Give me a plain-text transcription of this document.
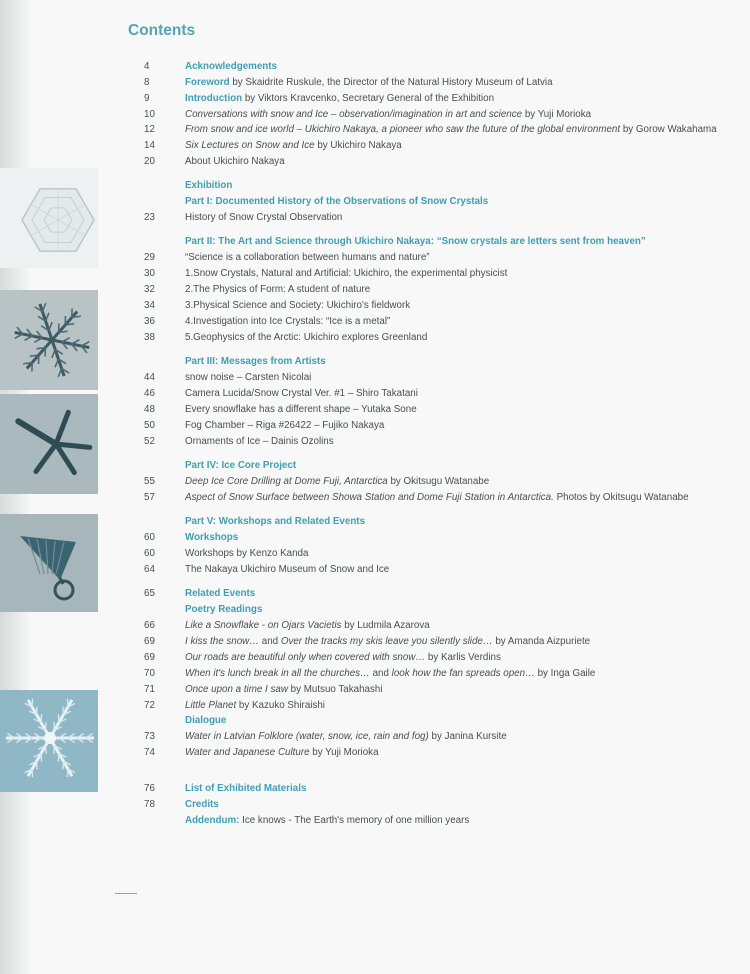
Contents
4	Acknowledgements
8	Foreword by Skaidrite Ruskule, the Director of the Natural History Museum of Latvia
9	Introduction by Viktors Kravcenko, Secretary General of the Exhibition
10	Conversations with snow and Ice – observation/imagination in art and science by Yuji Morioka
12	From snow and ice world – Ukichiro Nakaya, a pioneer who saw the future of the global environment by Gorow Wakahama
14	Six Lectures on Snow and Ice by Ukichiro Nakaya
20	About Ukichiro Nakaya
Exhibition
Part I: Documented History of the Observations of Snow Crystals
23	History of Snow Crystal Observation
Part II: The Art and Science through Ukichiro Nakaya: “Snow crystals are letters sent from heaven”
29	“Science is a collaboration between humans and nature”
30	1.Snow Crystals, Natural and Artificial: Ukichiro, the experimental physicist
32	2.The Physics of Form: A student of nature
34	3.Physical Science and Society: Ukichiro's fieldwork
36	4.Investigation into Ice Crystals: “Ice is a metal”
38	5.Geophysics of the Arctic: Ukichiro explores Greenland
Part III: Messages from Artists
44	snow noise – Carsten Nicolai
46	Camera Lucida/Snow Crystal Ver. #1 – Shiro Takatani
48	Every snowflake has a different shape – Yutaka Sone
50	Fog Chamber – Riga #26422 – Fujiko Nakaya
52	Ornaments of Ice – Dainis Ozolins
Part IV: Ice Core Project
55	Deep Ice Core Drilling at Dome Fuji, Antarctica by Okitsugu Watanabe
57	Aspect of Snow Surface between Showa Station and Dome Fuji Station in Antarctica. Photos by Okitsugu Watanabe
Part V: Workshops and Related Events
60	Workshops
60	Workshops by Kenzo Kanda
64	The Nakaya Ukichiro Museum of Snow and Ice
65	Related Events
Poetry Readings
66	Like a Snowflake - on Ojars Vacietis by Ludmila Azarova
69	I kiss the snow… and Over the tracks my skis leave you silently slide… by Amanda Aizpuriete
69	Our roads are beautiful only when covered with snow… by Karlis Verdins
70	When it's lunch break in all the churches… and look how the fan spreads open… by Inga Gaile
71	Once upon a time I saw by Mutsuo Takahashi
72	Little Planet by Kazuko Shiraishi
Dialogue
73	Water in Latvian Folklore (water, snow, ice, rain and fog) by Janina Kursite
74	Water and Japanese Culture by Yuji Morioka
76	List of Exhibited Materials
78	Credits
Addendum: Ice knows - The Earth's memory of one million years
